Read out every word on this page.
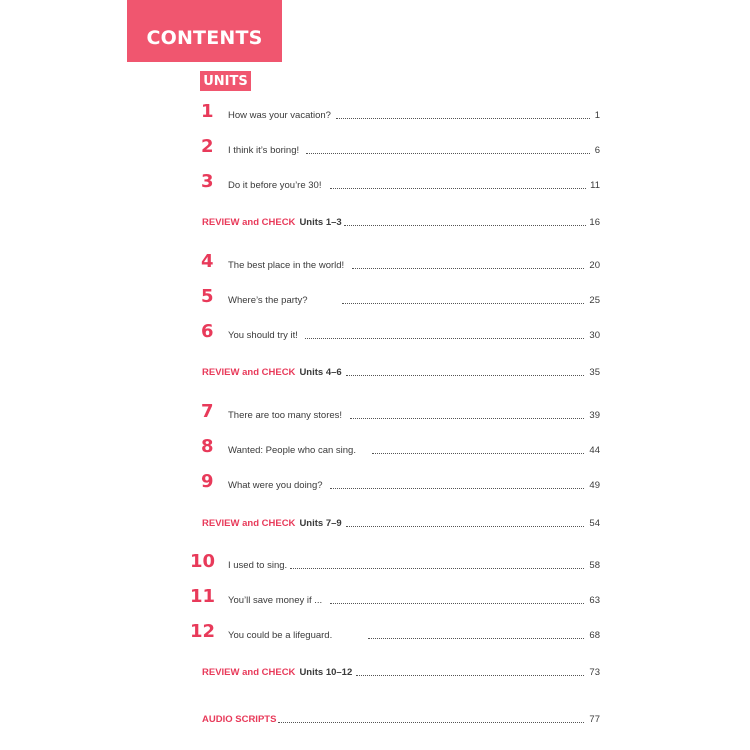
CONTENTS
UNITS
1	How was your vacation?	1
2	I think it’s boring!	6
3	Do it before you’re 30!	11
REVIEW and CHECK Units 1–3	16
4	The best place in the world!	20
5	Where’s the party?	25
6	You should try it!	30
REVIEW and CHECK Units 4–6	35
7	There are too many stores!	39
8	Wanted: People who can sing.	44
9	What were you doing?	49
REVIEW and CHECK Units 7–9	54
10 I used to sing.	58
11 You’ll save money if ...	63
12 You could be a lifeguard.	68
REVIEW and CHECK Units 10–12	73
AUDIO SCRIPTS	77
